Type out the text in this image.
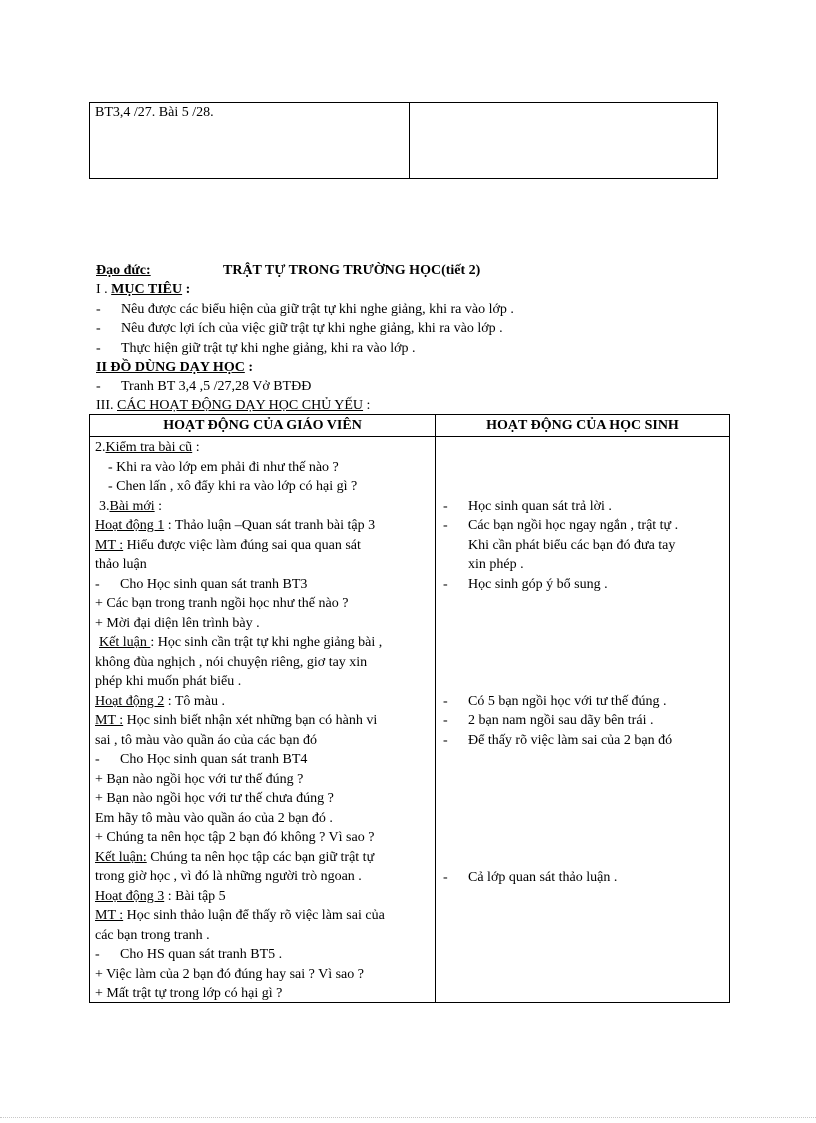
BT3,4 /27. Bài 5 /28.
Đạo đức:	TRẬT TỰ TRONG TRƯỜNG HỌC(tiết 2)
I . MỤC TIÊU :
- Nêu được các biểu hiện của giữ trật tự khi nghe giảng, khi ra vào lớp .
- Nêu được lợi ích của việc giữ trật tự khi nghe giảng, khi ra vào lớp .
- Thực hiện giữ trật tự khi nghe giảng, khi ra vào lớp .
II ĐỒ DÙNG DẠY HỌC :
- Tranh BT 3,4 ,5 /27,28 Vở BTĐĐ
III. CÁC HOẠT ĐỘNG DẠY HỌC CHỦ YẾU :
HOẠT ĐỘNG CỦA GIÁO VIÊN	HOẠT ĐỘNG CỦA HỌC SINH
2.Kiểm tra bài cũ :
- Khi ra vào lớp em phải đi như thế nào ?
- Chen lấn , xô đẩy khi ra vào lớp có hại gì ?
3.Bài mới :
Hoạt động 1 : Thảo luận –Quan sát tranh bài tập 3
MT : Hiểu được việc làm đúng sai qua quan sát
thảo luận
- Cho Học sinh quan sát tranh BT3
+ Các bạn trong tranh ngồi học như thế nào ?
+ Mời đại diện lên trình bày .
Kết luận : Học sinh cần trật tự khi nghe giảng bài ,
không đùa nghịch , nói chuyện riêng, giơ tay xin
phép khi muốn phát biểu .
Hoạt động 2 : Tô màu .
MT : Học sinh biết nhận xét những bạn có hành vi
sai , tô màu vào quần áo của các bạn đó
- Cho Học sinh quan sát tranh BT4
+ Bạn nào ngồi học với tư thế đúng ?
+ Bạn nào ngồi học với tư thế chưa đúng ?
Em hãy tô màu vào quần áo của 2 bạn đó .
+ Chúng ta nên học tập 2 bạn đó không ? Vì sao ?
Kết luận: Chúng ta nên học tập các bạn giữ trật tự
trong giờ học , vì đó là những người trò ngoan .
Hoạt động 3 : Bài tập 5
MT : Học sinh thảo luận để thấy rõ việc làm sai của
các bạn trong tranh .
- Cho HS quan sát tranh BT5 .
+ Việc làm của 2 bạn đó đúng hay sai ? Vì sao ?
+ Mất trật tự trong lớp có hại gì ?
- Học sinh quan sát trả lời .
- Các bạn ngồi học ngay ngắn , trật tự .
Khi cần phát biểu các bạn đó đưa tay
xin phép .
- Học sinh góp ý bổ sung .
- Có 5 bạn ngồi học với tư thế đúng .
- 2 bạn nam ngồi sau dãy bên trái .
- Để thấy rõ việc làm sai của 2 bạn đó
- Cả lớp quan sát thảo luận .
